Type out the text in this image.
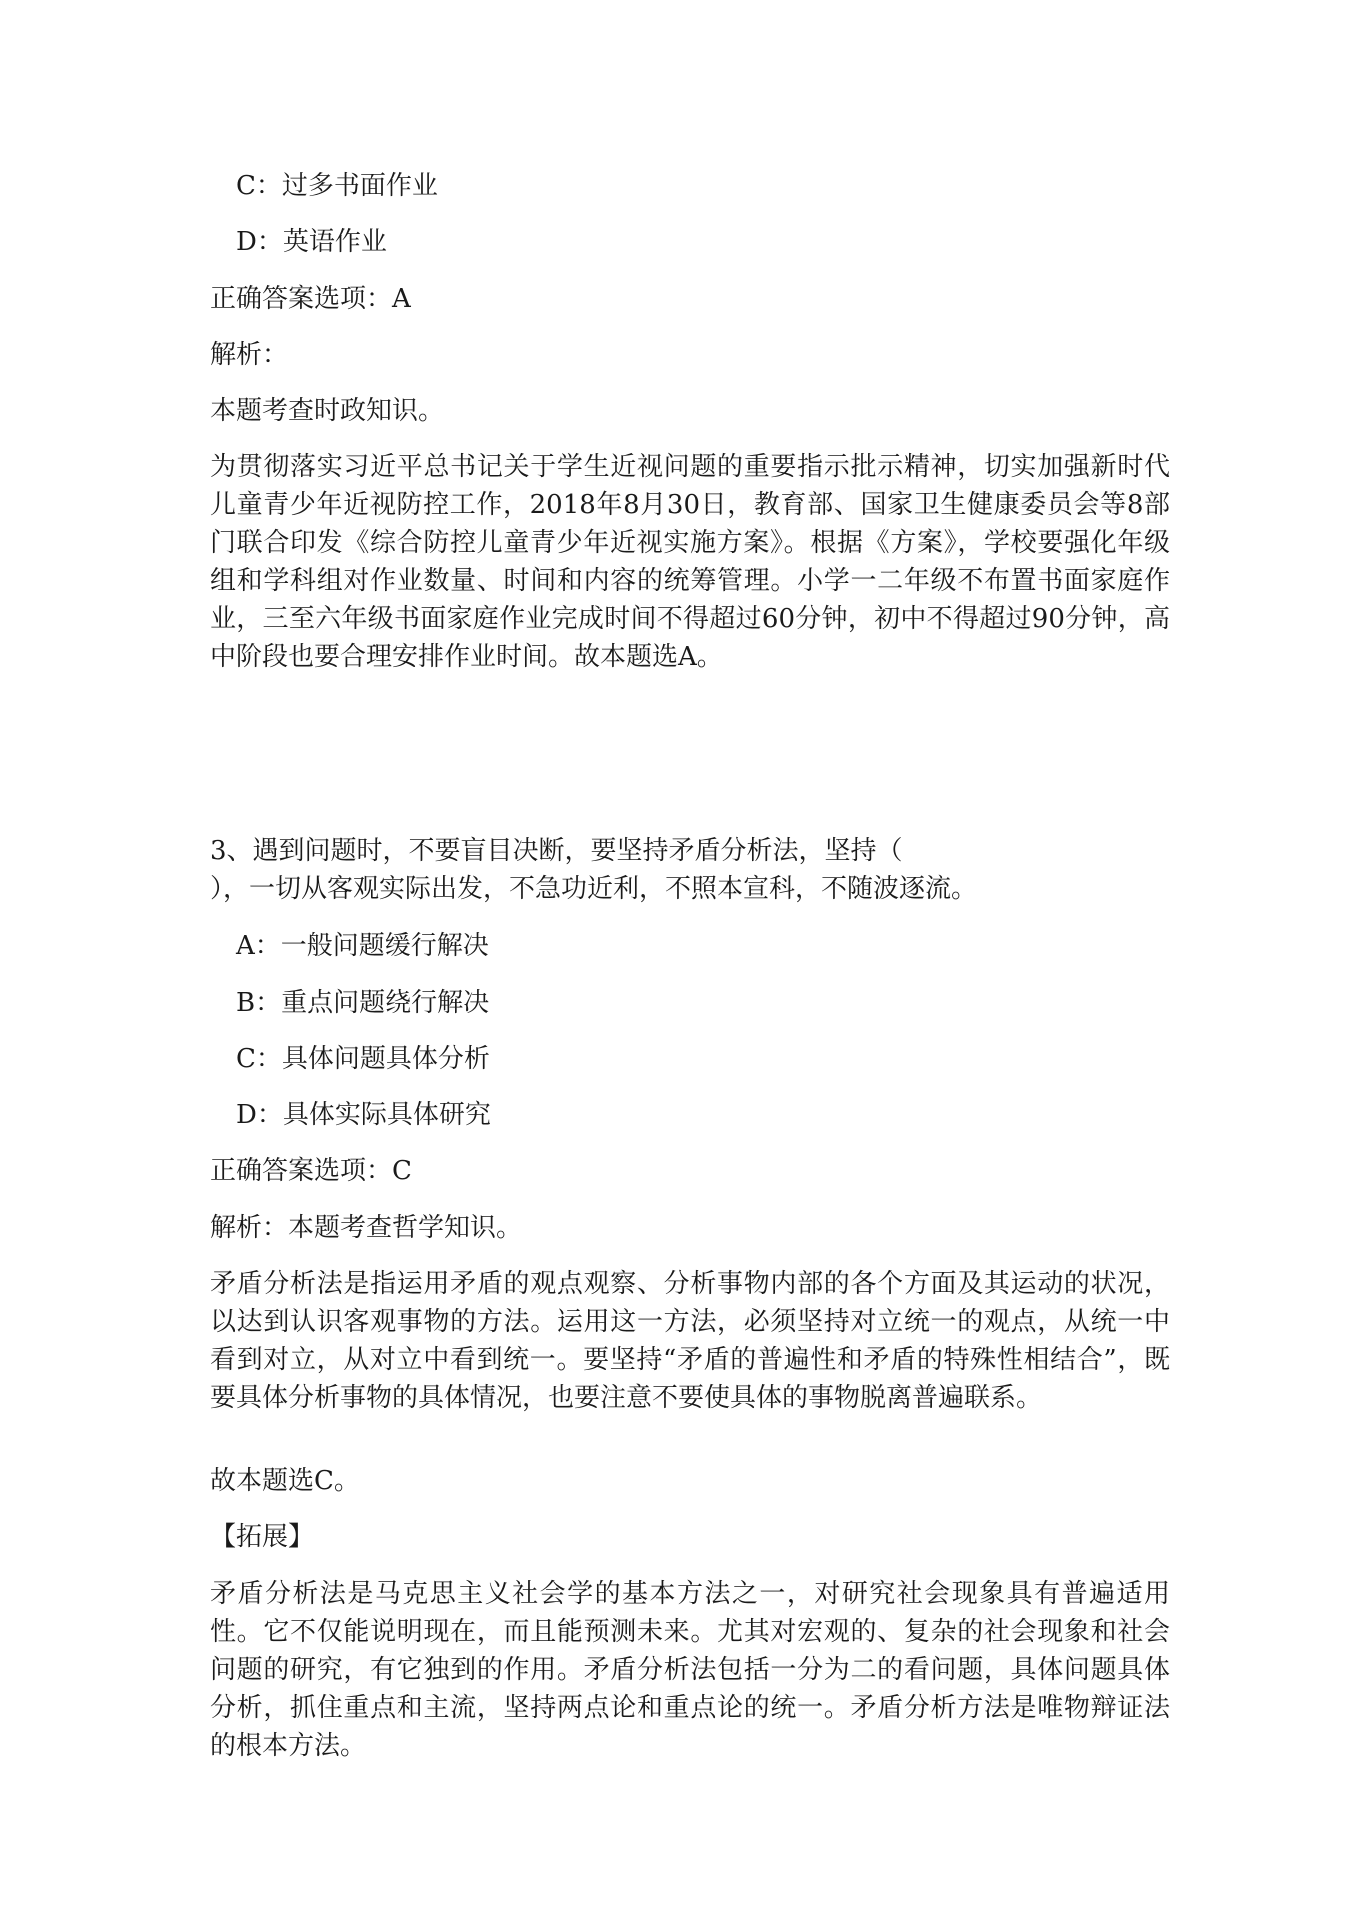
C：过多书面作业

D：英语作业

正确答案选项：A

解析：

本题考查时政知识。

为贯彻落实习近平总书记关于学生近视问题的重要指示批示精神，切实加强新时代儿童青少年近视防控工作，2018年8月30日，教育部、国家卫生健康委员会等8部门联合印发《综合防控儿童青少年近视实施方案》。根据《方案》，学校要强化年级组和学科组对作业数量、时间和内容的统筹管理。小学一二年级不布置书面家庭作业，三至六年级书面家庭作业完成时间不得超过60分钟，初中不得超过90分钟，高中阶段也要合理安排作业时间。故本题选A。

3、遇到问题时，不要盲目决断，要坚持矛盾分析法，坚持（

），一切从客观实际出发，不急功近利，不照本宣科，不随波逐流。

A：一般问题缓行解决

B：重点问题绕行解决

C：具体问题具体分析

D：具体实际具体研究

正确答案选项：C

解析：本题考查哲学知识。

矛盾分析法是指运用矛盾的观点观察、分析事物内部的各个方面及其运动的状况，以达到认识客观事物的方法。运用这一方法，必须坚持对立统一的观点，从统一中看到对立，从对立中看到统一。要坚持“矛盾的普遍性和矛盾的特殊性相结合”，既要具体分析事物的具体情况，也要注意不要使具体的事物脱离普遍联系。

故本题选C。

【拓展】

矛盾分析法是马克思主义社会学的基本方法之一，对研究社会现象具有普遍适用性。它不仅能说明现在，而且能预测未来。尤其对宏观的、复杂的社会现象和社会问题的研究，有它独到的作用。矛盾分析法包括一分为二的看问题，具体问题具体分析，抓住重点和主流，坚持两点论和重点论的统一。矛盾分析方法是唯物辩证法的根本方法。
